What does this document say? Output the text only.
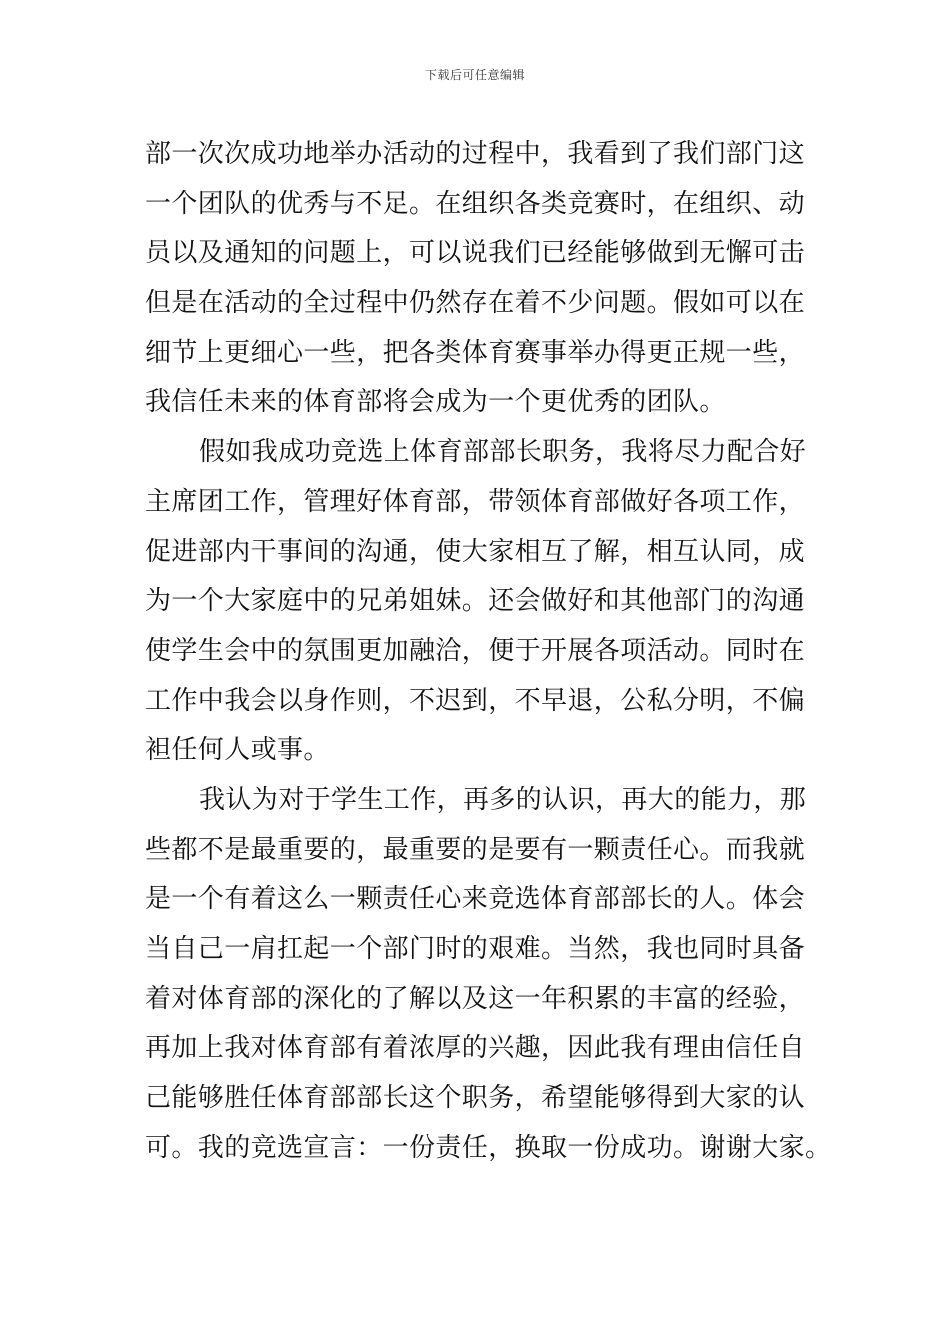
下载后可任意编辑
部一次次成功地举办活动的过程中，我看到了我们部门这
一个团队的优秀与不足。在组织各类竞赛时，在组织、动
员以及通知的问题上，可以说我们已经能够做到无懈可击
但是在活动的全过程中仍然存在着不少问题。假如可以在
细节上更细心一些，把各类体育赛事举办得更正规一些，
我信任未来的体育部将会成为一个更优秀的团队。
假如我成功竞选上体育部部长职务，我将尽力配合好
主席团工作，管理好体育部，带领体育部做好各项工作，
促进部内干事间的沟通，使大家相互了解，相互认同，成
为一个大家庭中的兄弟姐妹。还会做好和其他部门的沟通
使学生会中的氛围更加融洽，便于开展各项活动。同时在
工作中我会以身作则，不迟到，不早退，公私分明，不偏
袒任何人或事。
我认为对于学生工作，再多的认识，再大的能力，那
些都不是最重要的，最重要的是要有一颗责任心。而我就
是一个有着这么一颗责任心来竞选体育部部长的人。体会
当自己一肩扛起一个部门时的艰难。当然，我也同时具备
着对体育部的深化的了解以及这一年积累的丰富的经验，
再加上我对体育部有着浓厚的兴趣，因此我有理由信任自
己能够胜任体育部部长这个职务，希望能够得到大家的认
可。我的竞选宣言：一份责任，换取一份成功。谢谢大家。
